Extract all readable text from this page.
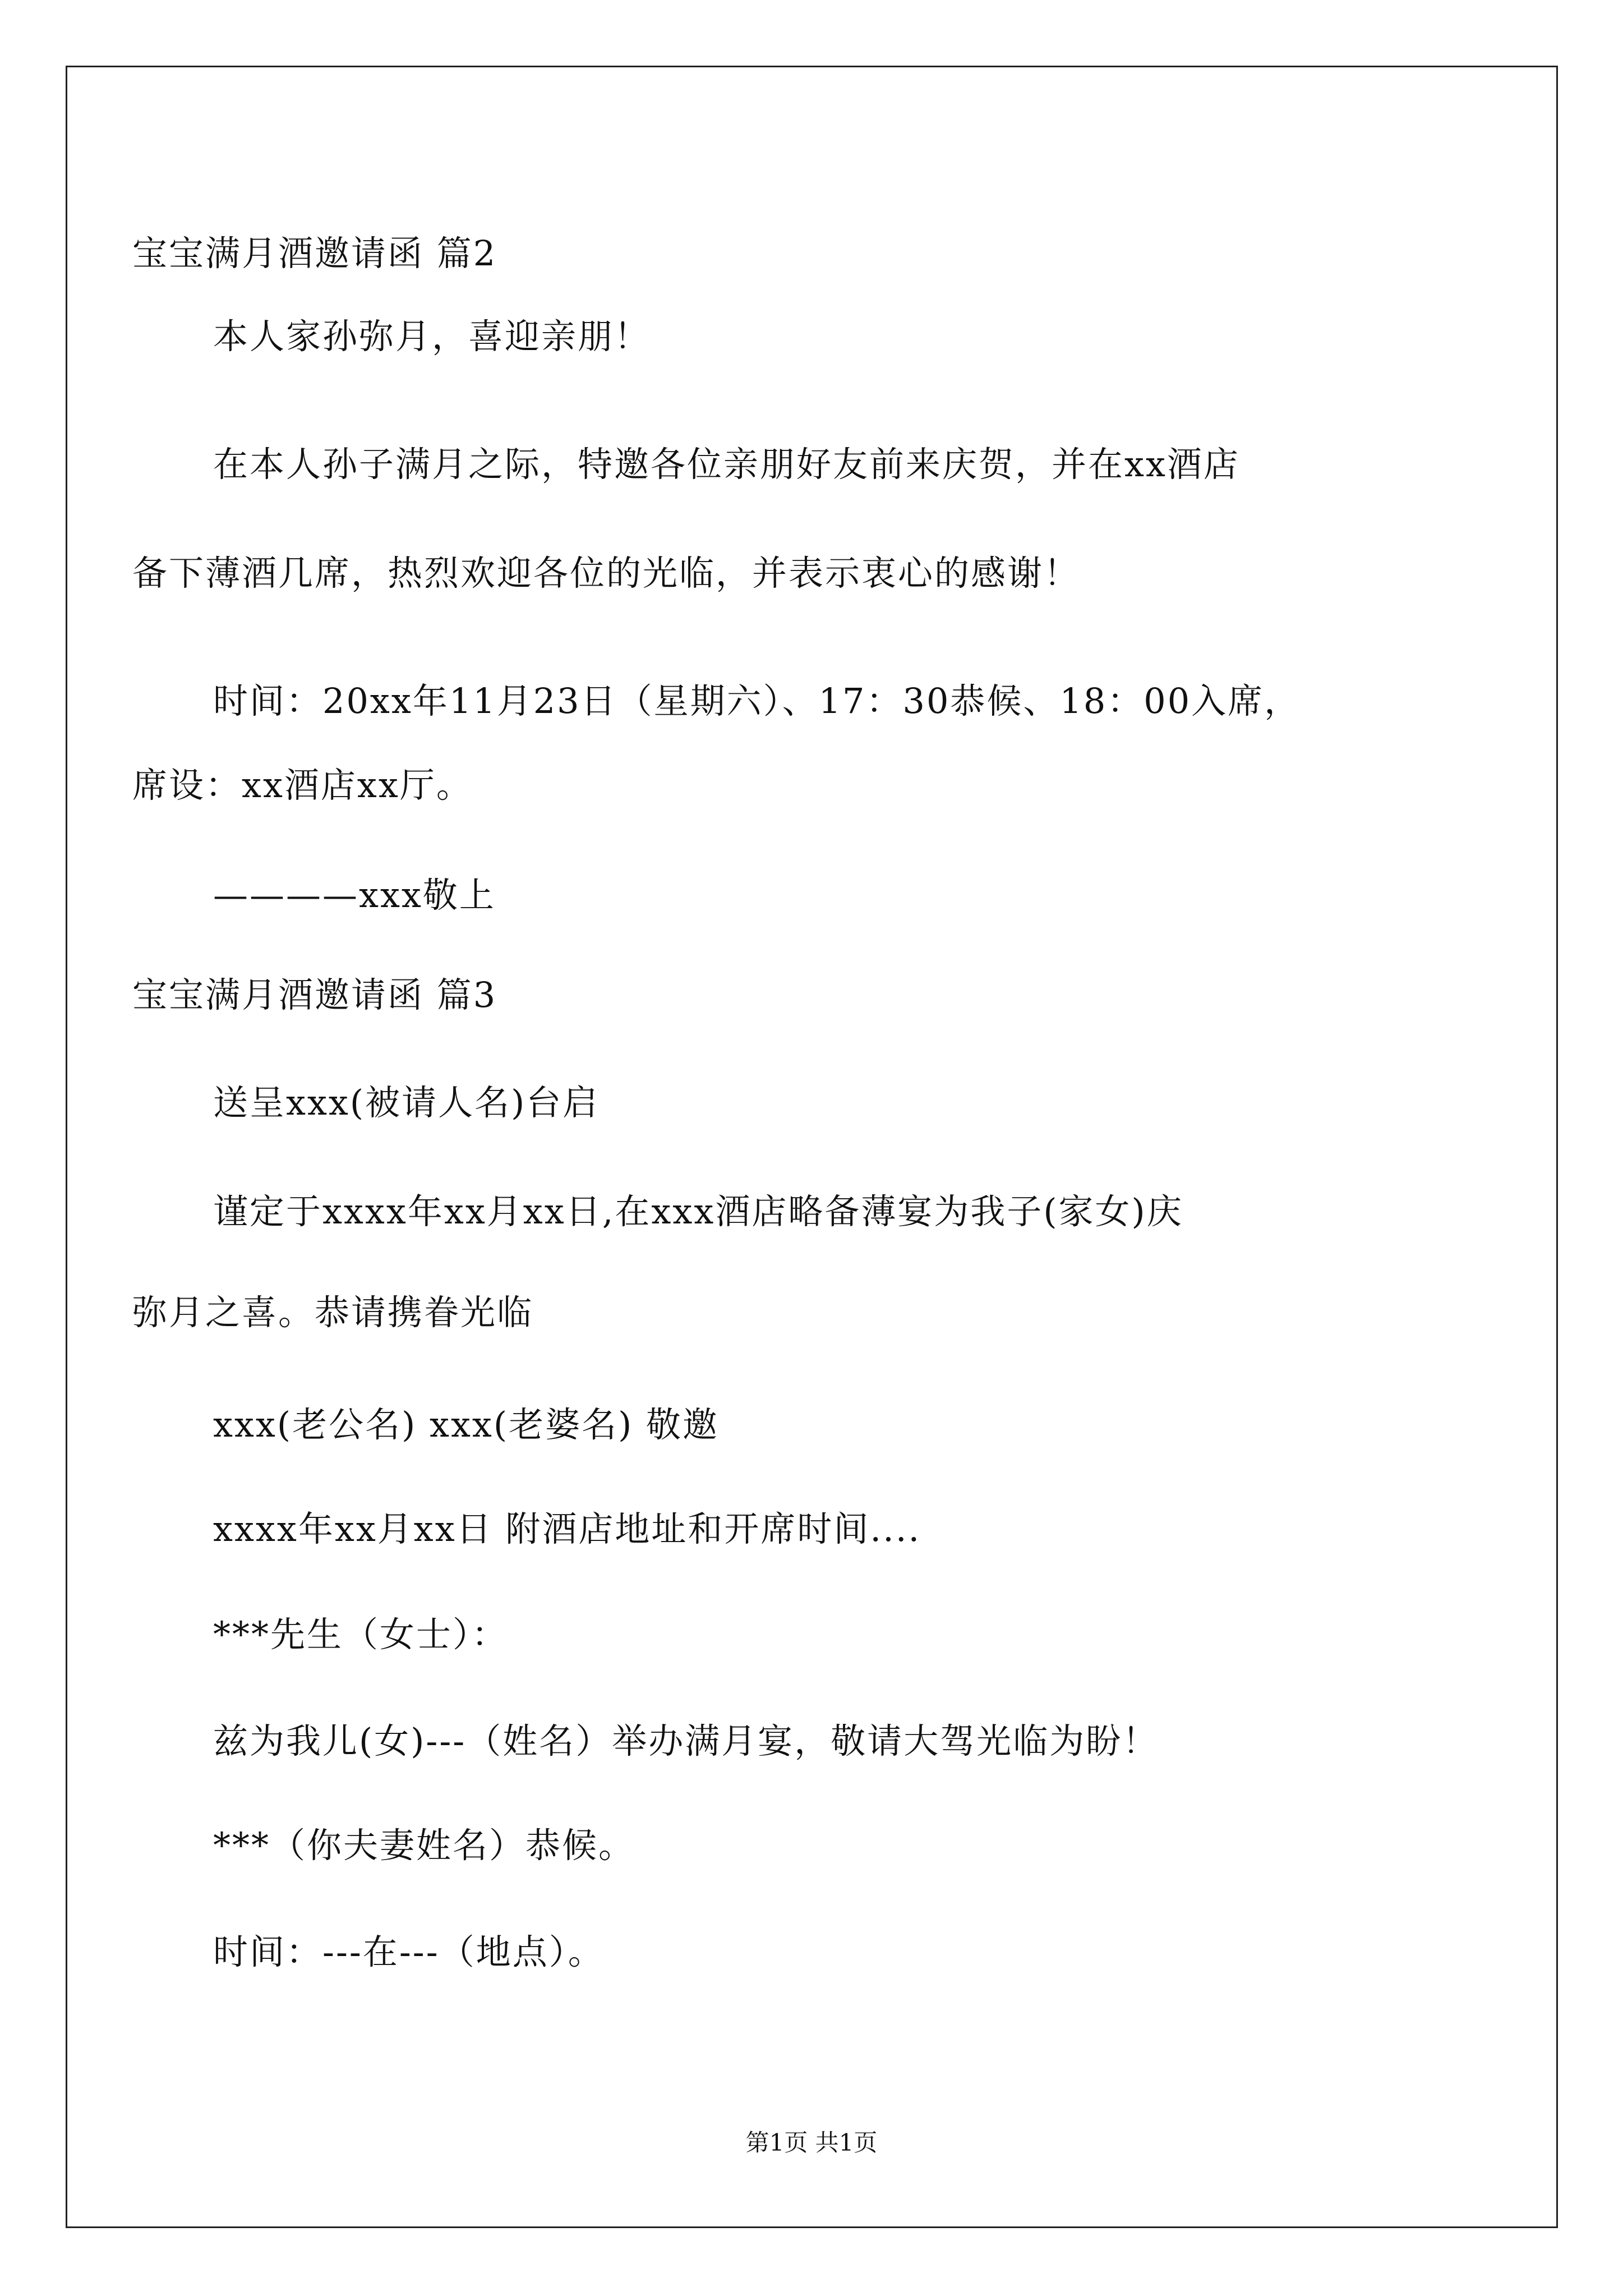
宝宝满月酒邀请函 篇2
本人家孙弥月，喜迎亲朋！
在本人孙子满月之际，特邀各位亲朋好友前来庆贺，并在xx酒店
备下薄酒几席，热烈欢迎各位的光临，并表示衷心的感谢！
时间：20xx年11月23日（星期六）、17：30恭候、18：00入席，
席设：xx酒店xx厅。
————xxx敬上
宝宝满月酒邀请函 篇3
送呈xxx(被请人名)台启
谨定于xxxx年xx月xx日,在xxx酒店略备薄宴为我子(家女)庆
弥月之喜。恭请携眷光临
xxx(老公名) xxx(老婆名) 敬邀
xxxx年xx月xx日 附酒店地址和开席时间....
***先生（女士）：
兹为我儿(女)---（姓名）举办满月宴，敬请大驾光临为盼！
***（你夫妻姓名）恭候。
时间：---在---（地点）。
第1页 共1页
